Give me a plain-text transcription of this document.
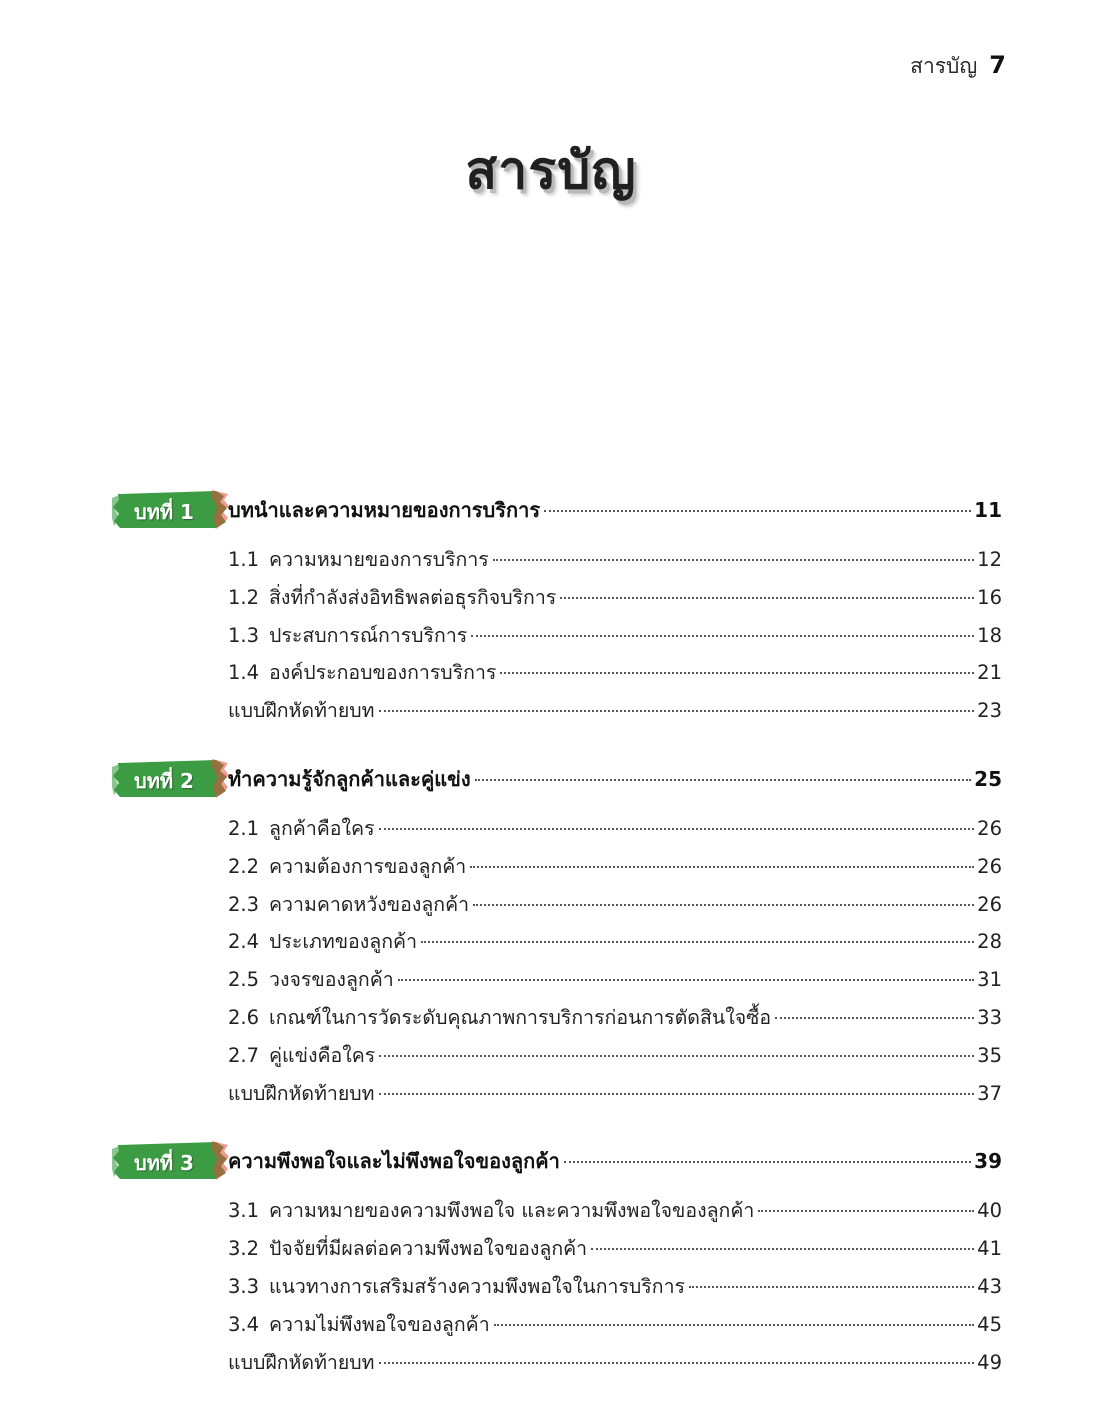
สารบัญ 7
สารบัญ
บทที่ 1 บทนำและความหมายของการบริการ	11
1.1 ความหมายของการบริการ	12
1.2 สิ่งที่กำลังส่งอิทธิพลต่อธุรกิจบริการ	16
1.3 ประสบการณ์การบริการ	18
1.4 องค์ประกอบของการบริการ	21
แบบฝึกหัดท้ายบท	23
บทที่ 2 ทำความรู้จักลูกค้าและคู่แข่ง	25
2.1 ลูกค้าคือใคร	26
2.2 ความต้องการของลูกค้า	26
2.3 ความคาดหวังของลูกค้า	26
2.4 ประเภทของลูกค้า	28
2.5 วงจรของลูกค้า	31
2.6 เกณฑ์ในการวัดระดับคุณภาพการบริการก่อนการตัดสินใจซื้อ	33
2.7 คู่แข่งคือใคร	35
แบบฝึกหัดท้ายบท	37
บทที่ 3 ความพึงพอใจและไม่พึงพอใจของลูกค้า	39
3.1 ความหมายของความพึงพอใจ และความพึงพอใจของลูกค้า	40
3.2 ปัจจัยที่มีผลต่อความพึงพอใจของลูกค้า	41
3.3 แนวทางการเสริมสร้างความพึงพอใจในการบริการ	43
3.4 ความไม่พึงพอใจของลูกค้า	45
แบบฝึกหัดท้ายบท	49
